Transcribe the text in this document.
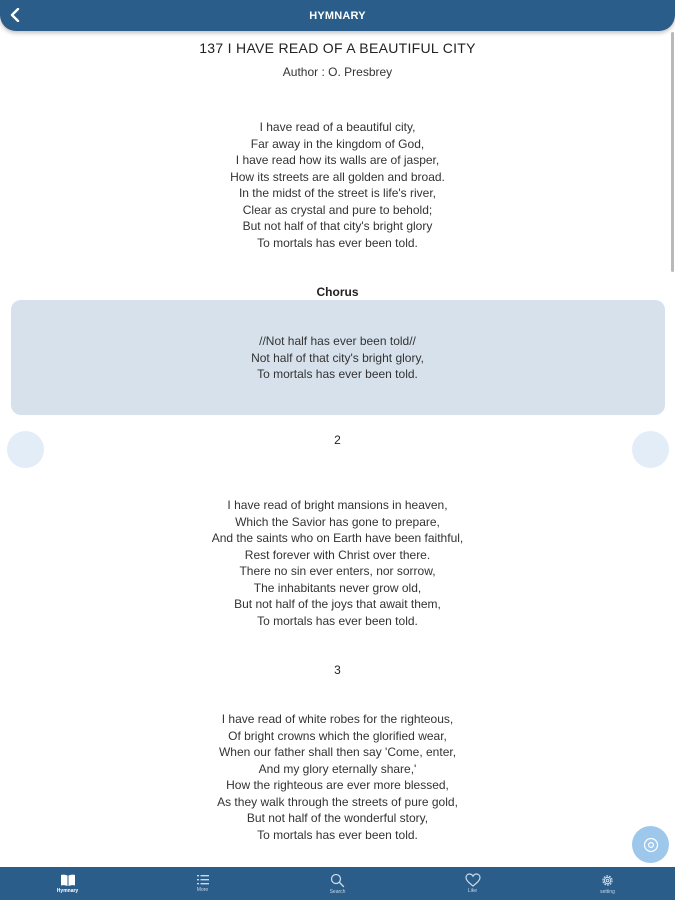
HYMNARY
137 I HAVE READ OF A BEAUTIFUL CITY
Author : O. Presbrey
I have read of a beautiful city,
Far away in the kingdom of God,
I have read how its walls are of jasper,
How its streets are all golden and broad.
In the midst of the street is life's river,
Clear as crystal and pure to behold;
But not half of that city's bright glory
To mortals has ever been told.
Chorus
//Not half has ever been told//
Not half of that city's bright glory,
To mortals has ever been told.
2
I have read of bright mansions in heaven,
Which the Savior has gone to prepare,
And the saints who on Earth have been faithful,
Rest forever with Christ over there.
There no sin ever enters, nor sorrow,
The inhabitants never grow old,
But not half of the joys that await them,
To mortals has ever been told.
3
I have read of white robes for the righteous,
Of bright crowns which the glorified wear,
When our father shall then say 'Come, enter,
And my glory eternally share,'
How the righteous are ever more blessed,
As they walk through the streets of pure gold,
But not half of the wonderful story,
To mortals has ever been told.
Hymnary	More	Search	Like	setting
